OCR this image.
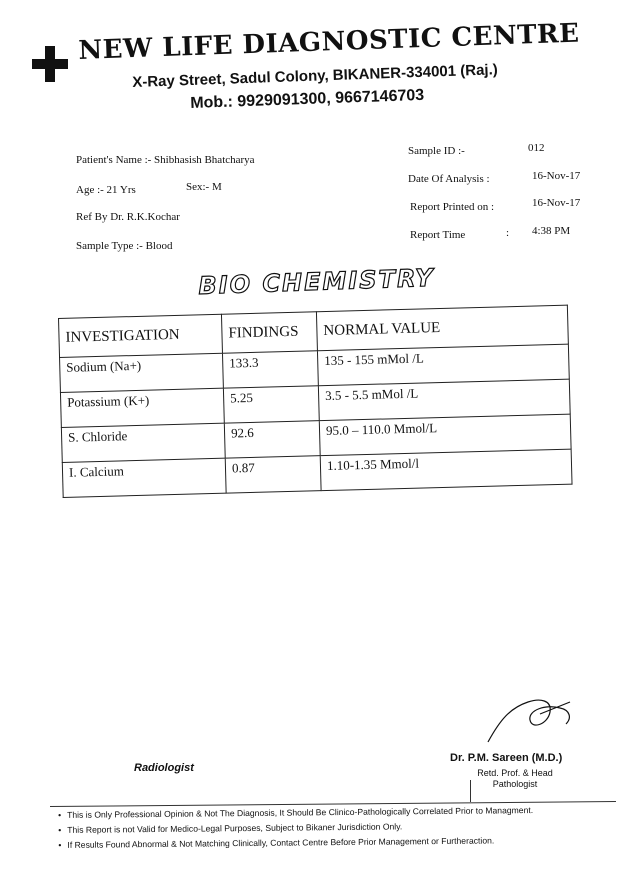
NEW LIFE DIAGNOSTIC CENTRE
X-Ray Street, Sadul Colony, BIKANER-334001 (Raj.)
Mob.: 9929091300, 9667146703
Patient's Name :- Shibhasish Bhatcharya
Age :- 21 Yrs	Sex:- M
Ref By Dr. R.K.Kochar
Sample Type :- Blood
Sample ID :-	012
Date Of Analysis :	16-Nov-17
Report Printed on :	16-Nov-17
Report Time	: 4:38 PM
BIO CHEMISTRY
INVESTIGATION	FINDINGS	NORMAL VALUE
Sodium (Na+)	133.3	135 - 155 mMol /L
Potassium (K+)	5.25	3.5 - 5.5 mMol /L
S. Chloride	92.6	95.0 – 110.0 Mmol/L
I. Calcium	0.87	1.10-1.35 Mmol/l
Radiologist
Dr. P.M. Sareen (M.D.)
Retd. Prof. & Head
Pathologist
• This is Only Professional Opinion & Not The Diagnosis, It Should Be Clinico-Pathologically Correlated Prior to Managment.
• This Report is not Valid for Medico-Legal Purposes, Subject to Bikaner Jurisdiction Only.
• If Results Found Abnormal & Not Matching Clinically, Contact Centre Before Prior Management or Furtheraction.
